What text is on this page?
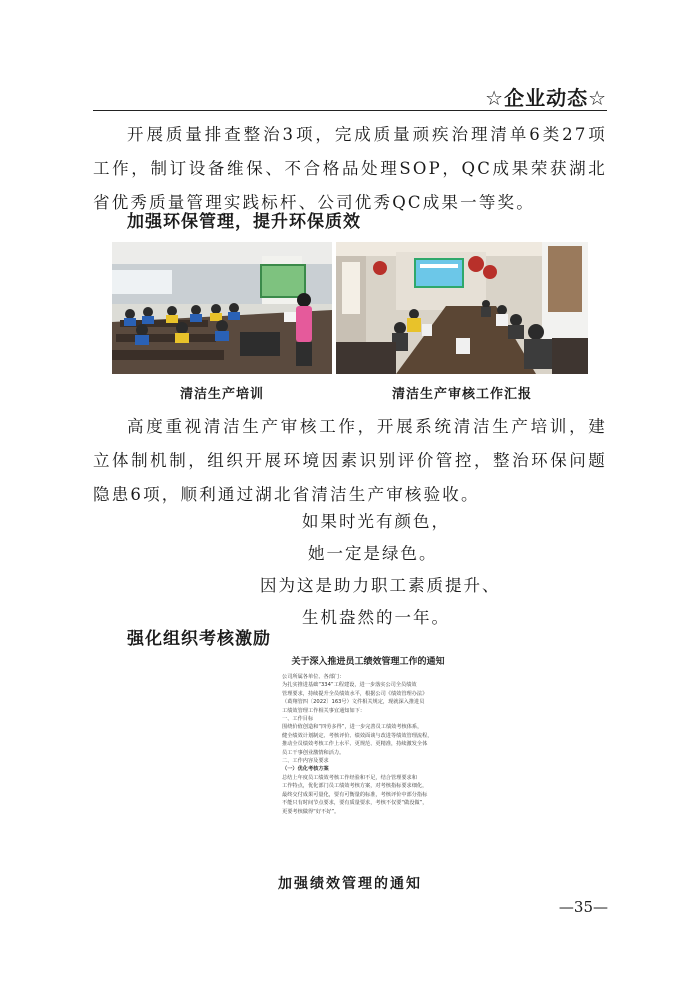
☆企业动态☆
开展质量排查整治3项，完成质量顽疾治理清单6类27项工作，制订设备维保、不合格品处理SOP，QC成果荣获湖北省优秀质量管理实践标杆、公司优秀QC成果一等奖。
加强环保管理，提升环保质效
清洁生产培训	清洁生产审核工作汇报
高度重视清洁生产审核工作，开展系统清洁生产培训，建立体制机制，组织开展环境因素识别评价管控，整治环保问题隐患6项，顺利通过湖北省清洁生产审核验收。
如果时光有颜色，
她一定是绿色。
因为这是助力职工素质提升、
生机盎然的一年。
强化组织考核激励
关于深入推进员工绩效管理工作的通知
公司所属各单位、各部门：
为扎实推进基础“334”工程建设，进一步落实公司全员绩效
管理要求，持续提升全员绩效水平，根据公司《绩效管理办法》
（葛翔管四〔2022〕163号）文件相关规定，现就深入推进员
工绩效管理工作相关事宜通知如下：
一、工作目标
围绕价值创造和“四劳多得”，进一步完善员工绩效考核体系，
健全绩效计划制定、考核评价、绩效面谈与改进等绩效管理流程，
推动全员绩效考核工作上水平、更规范、更精准，持续激发全体
员工干事创业激情和活力。
二、工作内容及要求
（一）优化考核方案
总结上年度员工绩效考核工作经验和不足，结合管理要求和
工作特点，优化部门员工绩效考核方案，对考核指标要求细化，
最终交付成果可量化，要有可衡量的标准，考核评价中部分指标
不能只有时间节点要求，要有质量要求，考核不仅要“做没做”，
更要考核做得“好不好”。
加强绩效管理的通知
—35—
